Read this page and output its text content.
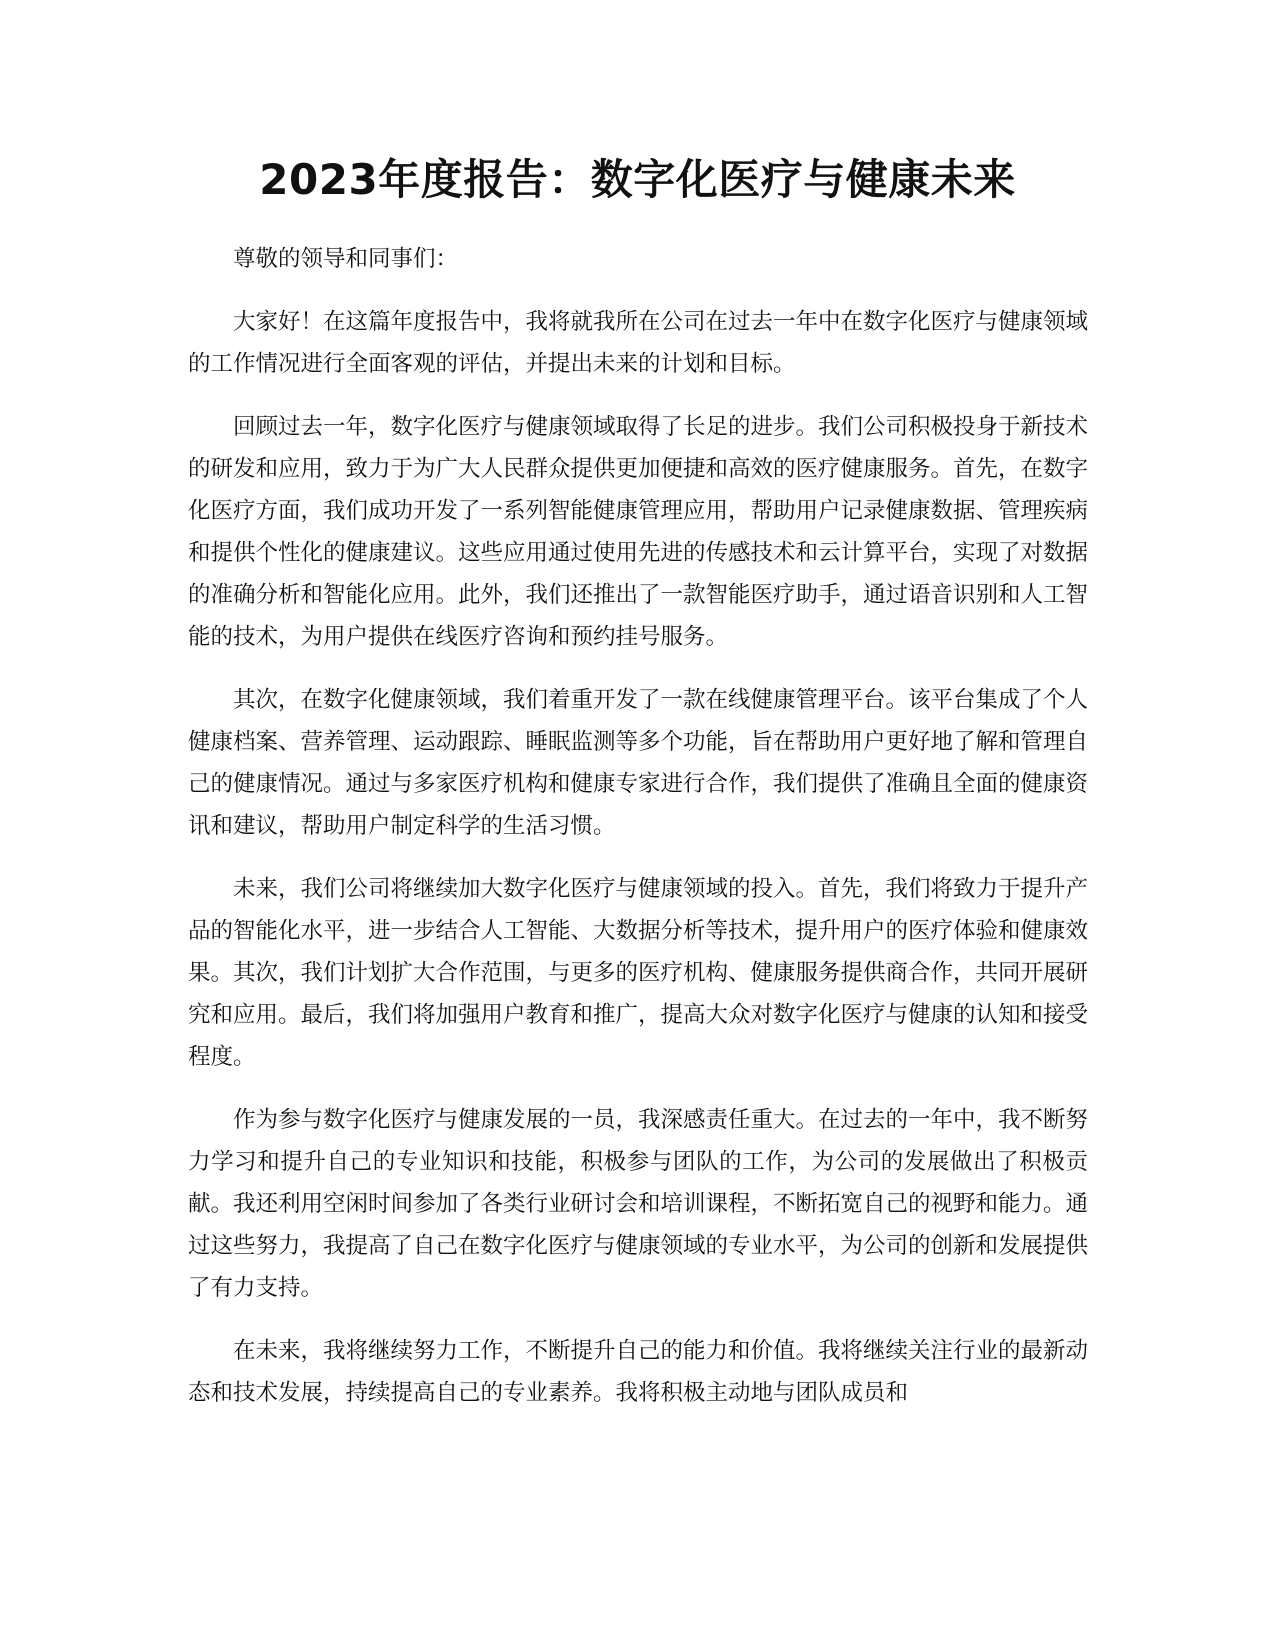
2023年度报告：数字化医疗与健康未来

尊敬的领导和同事们：

大家好！在这篇年度报告中，我将就我所在公司在过去一年中在数字化医疗与健康领域的工作情况进行全面客观的评估，并提出未来的计划和目标。

回顾过去一年，数字化医疗与健康领域取得了长足的进步。我们公司积极投身于新技术的研发和应用，致力于为广大人民群众提供更加便捷和高效的医疗健康服务。首先，在数字化医疗方面，我们成功开发了一系列智能健康管理应用，帮助用户记录健康数据、管理疾病和提供个性化的健康建议。这些应用通过使用先进的传感技术和云计算平台，实现了对数据的准确分析和智能化应用。此外，我们还推出了一款智能医疗助手，通过语音识别和人工智能的技术，为用户提供在线医疗咨询和预约挂号服务。

其次，在数字化健康领域，我们着重开发了一款在线健康管理平台。该平台集成了个人健康档案、营养管理、运动跟踪、睡眠监测等多个功能，旨在帮助用户更好地了解和管理自己的健康情况。通过与多家医疗机构和健康专家进行合作，我们提供了准确且全面的健康资讯和建议，帮助用户制定科学的生活习惯。

未来，我们公司将继续加大数字化医疗与健康领域的投入。首先，我们将致力于提升产品的智能化水平，进一步结合人工智能、大数据分析等技术，提升用户的医疗体验和健康效果。其次，我们计划扩大合作范围，与更多的医疗机构、健康服务提供商合作，共同开展研究和应用。最后，我们将加强用户教育和推广，提高大众对数字化医疗与健康的认知和接受程度。

作为参与数字化医疗与健康发展的一员，我深感责任重大。在过去的一年中，我不断努力学习和提升自己的专业知识和技能，积极参与团队的工作，为公司的发展做出了积极贡献。我还利用空闲时间参加了各类行业研讨会和培训课程，不断拓宽自己的视野和能力。通过这些努力，我提高了自己在数字化医疗与健康领域的专业水平，为公司的创新和发展提供了有力支持。

在未来，我将继续努力工作，不断提升自己的能力和价值。我将继续关注行业的最新动态和技术发展，持续提高自己的专业素养。我将积极主动地与团队成员和
